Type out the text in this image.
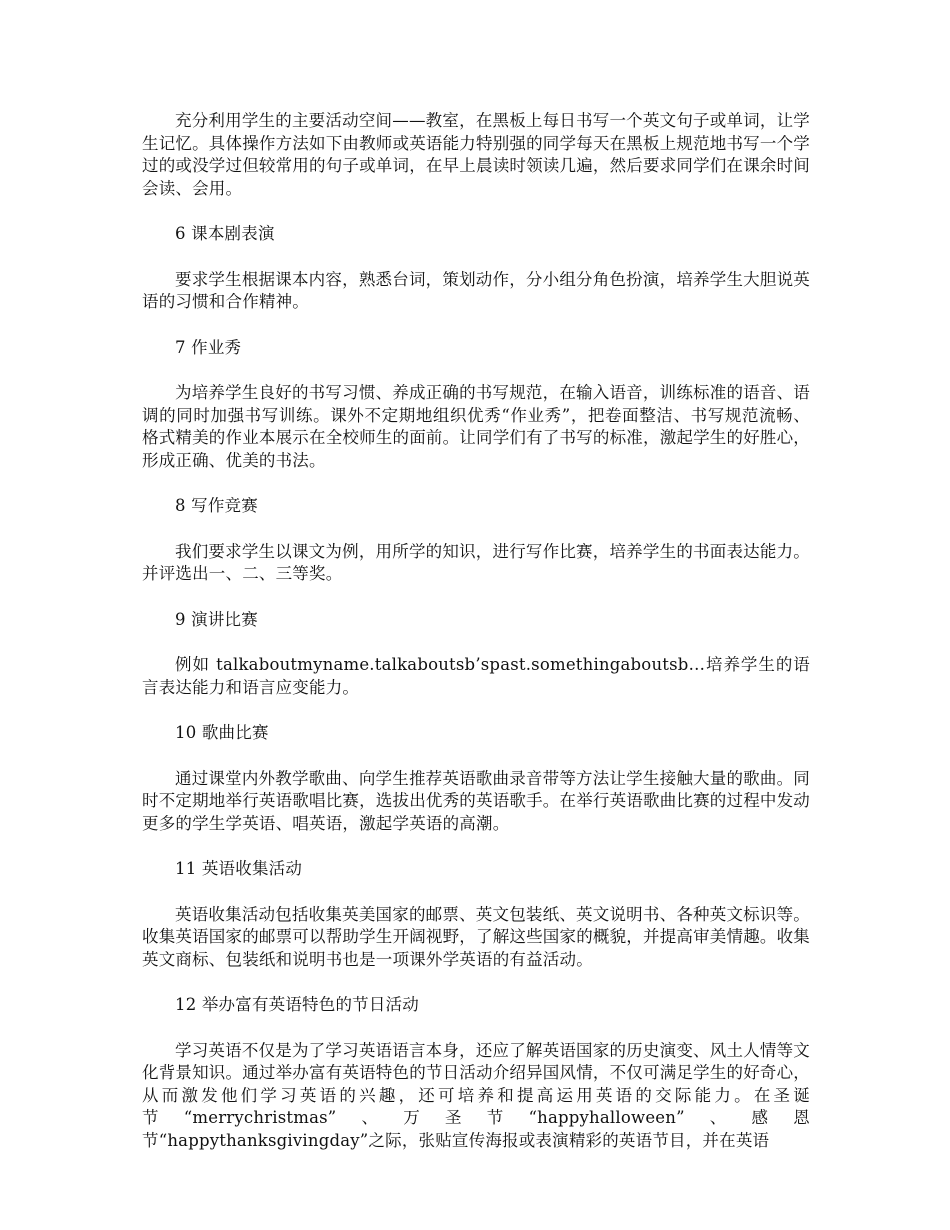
充分利用学生的主要活动空间——教室，在黑板上每日书写一个英文句子或单词，让学生记忆。具体操作方法如下由教师或英语能力特别强的同学每天在黑板上规范地书写一个学过的或没学过但较常用的句子或单词，在早上晨读时领读几遍，然后要求同学们在课余时间会读、会用。

6 课本剧表演

要求学生根据课本内容，熟悉台词，策划动作，分小组分角色扮演，培养学生大胆说英语的习惯和合作精神。

7 作业秀

为培养学生良好的书写习惯、养成正确的书写规范，在输入语音，训练标准的语音、语调的同时加强书写训练。课外不定期地组织优秀“作业秀”，把卷面整洁、书写规范流畅、格式精美的作业本展示在全校师生的面前。让同学们有了书写的标准，激起学生的好胜心，形成正确、优美的书法。

8 写作竞赛

我们要求学生以课文为例，用所学的知识，进行写作比赛，培养学生的书面表达能力。并评选出一、二、三等奖。

9 演讲比赛

例如 talkaboutmyname.talkaboutsb’spast.somethingaboutsb…培养学生的语言表达能力和语言应变能力。

10 歌曲比赛

通过课堂内外教学歌曲、向学生推荐英语歌曲录音带等方法让学生接触大量的歌曲。同时不定期地举行英语歌唱比赛，选拔出优秀的英语歌手。在举行英语歌曲比赛的过程中发动更多的学生学英语、唱英语，激起学英语的高潮。

11 英语收集活动

英语收集活动包括收集英美国家的邮票、英文包装纸、英文说明书、各种英文标识等。收集英语国家的邮票可以帮助学生开阔视野，了解这些国家的概貌，并提高审美情趣。收集英文商标、包装纸和说明书也是一项课外学英语的有益活动。

12 举办富有英语特色的节日活动

学习英语不仅是为了学习英语语言本身，还应了解英语国家的历史演变、风土人情等文化背景知识。通过举办富有英语特色的节日活动介绍异国风情，不仅可满足学生的好奇心，从而激发他们学习英语的兴趣，还可培养和提高运用英语的交际能力。在圣诞节“merrychristmas”、万圣节“happyhalloween”、感恩节“happythanksgivingday”之际，张贴宣传海报或表演精彩的英语节目，并在英语
